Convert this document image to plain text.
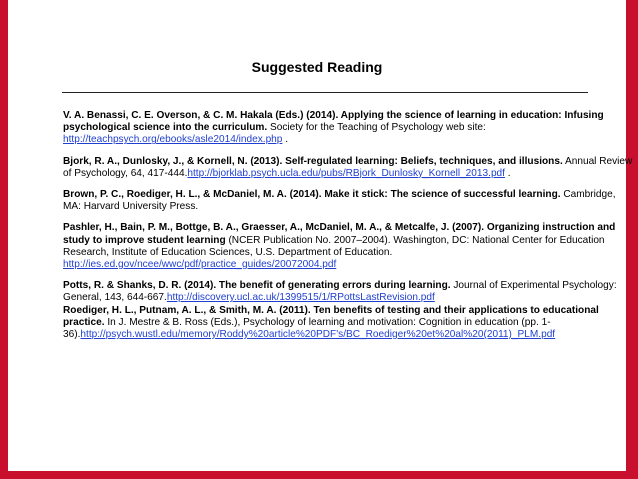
Suggested Reading

V. A. Benassi, C. E. Overson, & C. M. Hakala (Eds.) (2014). Applying the science of learning in education: Infusing psychological science into the curriculum. Society for the Teaching of Psychology web site: http://teachpsych.org/ebooks/asle2014/index.php .

Bjork, R. A., Dunlosky, J., & Kornell, N. (2013). Self-regulated learning: Beliefs, techniques, and illusions. Annual Review of Psychology, 64, 417-444.http://bjorklab.psych.ucla.edu/pubs/RBjork_Dunlosky_Kornell_2013.pdf .

Brown, P. C., Roediger, H. L., & McDaniel, M. A. (2014). Make it stick: The science of successful learning. Cambridge, MA: Harvard University Press.

Pashler, H., Bain, P. M., Bottge, B. A., Graesser, A., McDaniel, M. A., & Metcalfe, J. (2007). Organizing instruction and study to improve student learning (NCER Publication No. 2007–2004). Washington, DC: National Center for Education Research, Institute of Education Sciences, U.S. Department of Education. http://ies.ed.gov/ncee/wwc/pdf/practice_guides/20072004.pdf

Potts, R. & Shanks, D. R. (2014). The benefit of generating errors during learning. Journal of Experimental Psychology: General, 143, 644-667.http://discovery.ucl.ac.uk/1399515/1/RPottsLastRevision.pdf

Roediger, H. L., Putnam, A. L., & Smith, M. A. (2011). Ten benefits of testing and their applications to educational practice. In J. Mestre & B. Ross (Eds.), Psychology of learning and motivation: Cognition in education (pp. 1-36).http://psych.wustl.edu/memory/Roddy%20article%20PDF's/BC_Roediger%20et%20al%20(2011)_PLM.pdf
